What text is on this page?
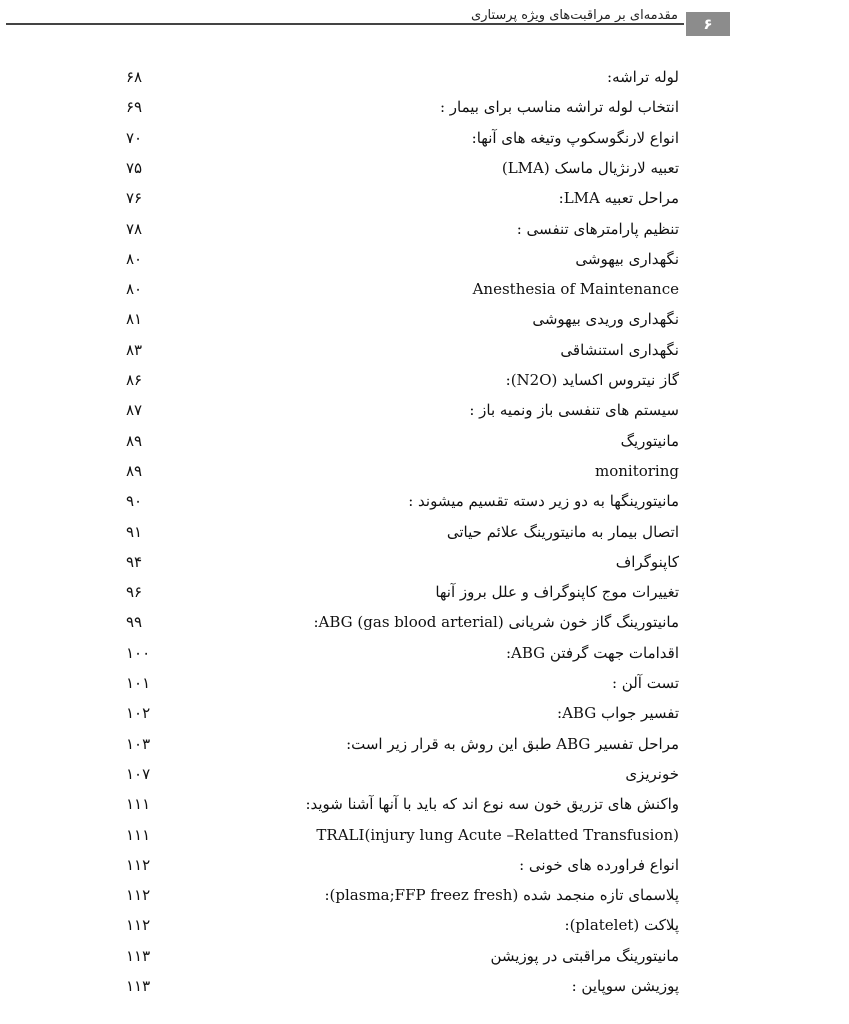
مقدمه‌ای بر مراقبت‌های ویژه پرستاری	۶
لوله تراشه:
۶۸
انتخاب لوله تراشه مناسب برای بیمار :
۶۹
انواع لارنگوسکوپ وتیغه های آنها:
۷۰
تعبیه لارنژیال ماسک (LMA)
۷۵
مراحل تعبیه LMA:
۷۶
تنظیم پارامترهای تنفسی :
۷۸
نگهداری بیهوشی
۸۰
Anesthesia of Maintenance
۸۰
نگهداری وریدی بیهوشی
۸۱
نگهداری استنشاقی
۸۳
گاز نیتروس اکساید (N2O):
۸۶
سیستم های تنفسی باز ونمیه باز :
۸۷
مانیتوریگ
۸۹
monitoring
۸۹
مانیتورینگها به دو زیر دسته تقسیم میشوند :
۹۰
اتصال بیمار به مانیتورینگ علائم حیاتی
۹۱
کاپنوگراف
۹۴
تغییرات موج کاپنوگراف و علل بروز آنها
۹۶
مانیتورینگ گاز خون شریانی (ABG (gas blood arterial:
۹۹
اقدامات جهت گرفتن ABG:
۱۰۰
تست آلن :
۱۰۱
تفسیر جواب ABG:
۱۰۲
مراحل تفسیر ABG طبق این روش به قرار زیر است:
۱۰۳
خونریزی
۱۰۷
واکنش های تزریق خون سه نوع اند که باید با آنها آشنا شوید:
۱۱۱
(injury lung Acute –Relatted Transfusion)TRALI
۱۱۱
انواع فراورده های خونی :
۱۱۲
پلاسمای تازه منجمد شده (plasma;FFP freez fresh):
۱۱۲
پلاکت (platelet):
۱۱۲
مانیتورینگ مراقبتی در پوزیشن
۱۱۳
پوزیشن سوپاین :
۱۱۳
